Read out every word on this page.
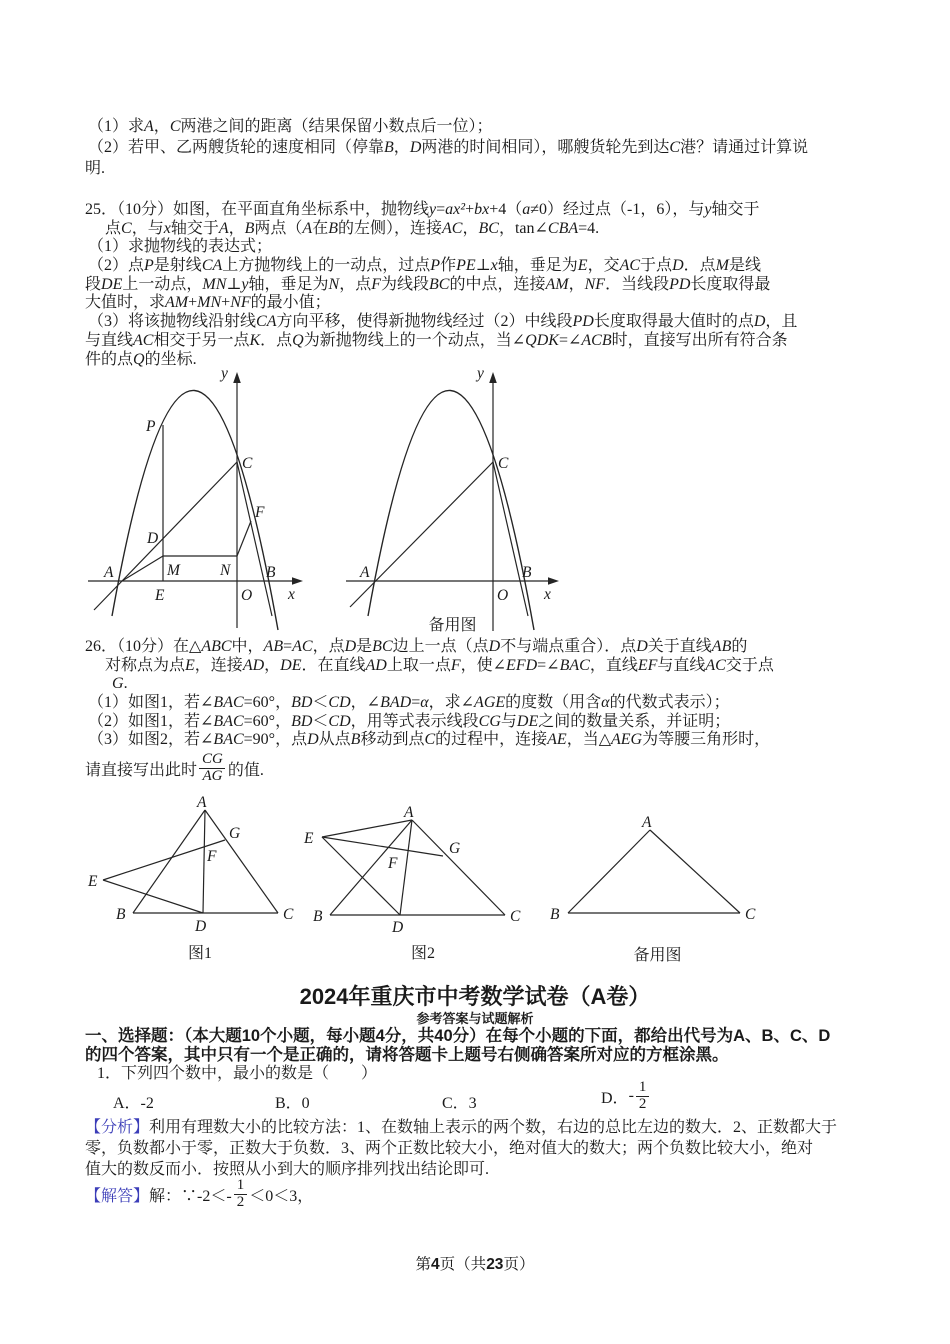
（1）求A，C两港之间的距离（结果保留小数点后一位）；
（2）若甲、乙两艘货轮的速度相同（停靠B，D两港的时间相同），哪艘货轮先到达C港？请通过计算说
明.
25．（10分）如图，在平面直角坐标系中，抛物线y=ax²+bx+4（a≠0）经过点（-1，6），与y轴交于
点C，与x轴交于A，B两点（A在B的左侧），连接AC，BC，tan∠CBA=4.
（1）求抛物线的表达式；
（2）点P是射线CA上方抛物线上的一动点，过点P作PE⊥x轴，垂足为E，交AC于点D．点M是线
段DE上一动点，MN⊥y轴，垂足为N，点F为线段BC的中点，连接AM，NF．当线段PD长度取得最
大值时，求AM+MN+NF的最小值；
（3）将该抛物线沿射线CA方向平移，使得新抛物线经过（2）中线段PD长度取得最大值时的点D，且
与直线AC相交于另一点K．点Q为新抛物线上的一个动点，当∠QDK=∠ACB时，直接写出所有符合条
件的点Q的坐标.
y
x
P
C
F
D
M	N
A	B
E	O
y
x
A	B
C
O
备用图
26．（10分）在△ABC中，AB=AC，点D是BC边上一点（点D不与端点重合）．点D关于直线AB的
对称点为点E，连接AD，DE．在直线AD上取一点F，使∠EFD=∠BAC，直线EF与直线AC交于点
G.
（1）如图1，若∠BAC=60°，BD＜CD，∠BAD=α，求∠AGE的度数（用含α的代数式表示）；
（2）如图1，若∠BAC=60°，BD＜CD，用等式表示线段CG与DE之间的数量关系，并证明；
（3）如图2，若∠BAC=90°，点D从点B移动到点C的过程中，连接AE，当△AEG为等腰三角形时，
请直接写出此时 $\frac{CG}{AG}$ 的值.
A
B	C
D
E
G
F
A
B	C
D
E
G
F
A
B	C
图1	图2	备用图
2024年重庆市中考数学试卷（A卷）
参考答案与试题解析
一、选择题：（本大题10个小题，每小题4分，共40分）在每个小题的下面，都给出代号为A、B、C、D
的四个答案，其中只有一个是正确的，请将答题卡上题号右侧确答案所对应的方框涂黑。
1．下列四个数中，最小的数是（　　）
A．-2	B．0	C．3	D． - $\frac{1}{2}$
【分析】利用有理数大小的比较方法：1、在数轴上表示的两个数，右边的总比左边的数大．2、正数都大于
零，负数都小于零，正数大于负数．3、两个正数比较大小，绝对值大的数大；两个负数比较大小，绝对
值大的数反而小．按照从小到大的顺序排列找出结论即可.
【解答】 解：∵-2＜- $\frac{1}{2} <0<3$，
第4页（共23页）
